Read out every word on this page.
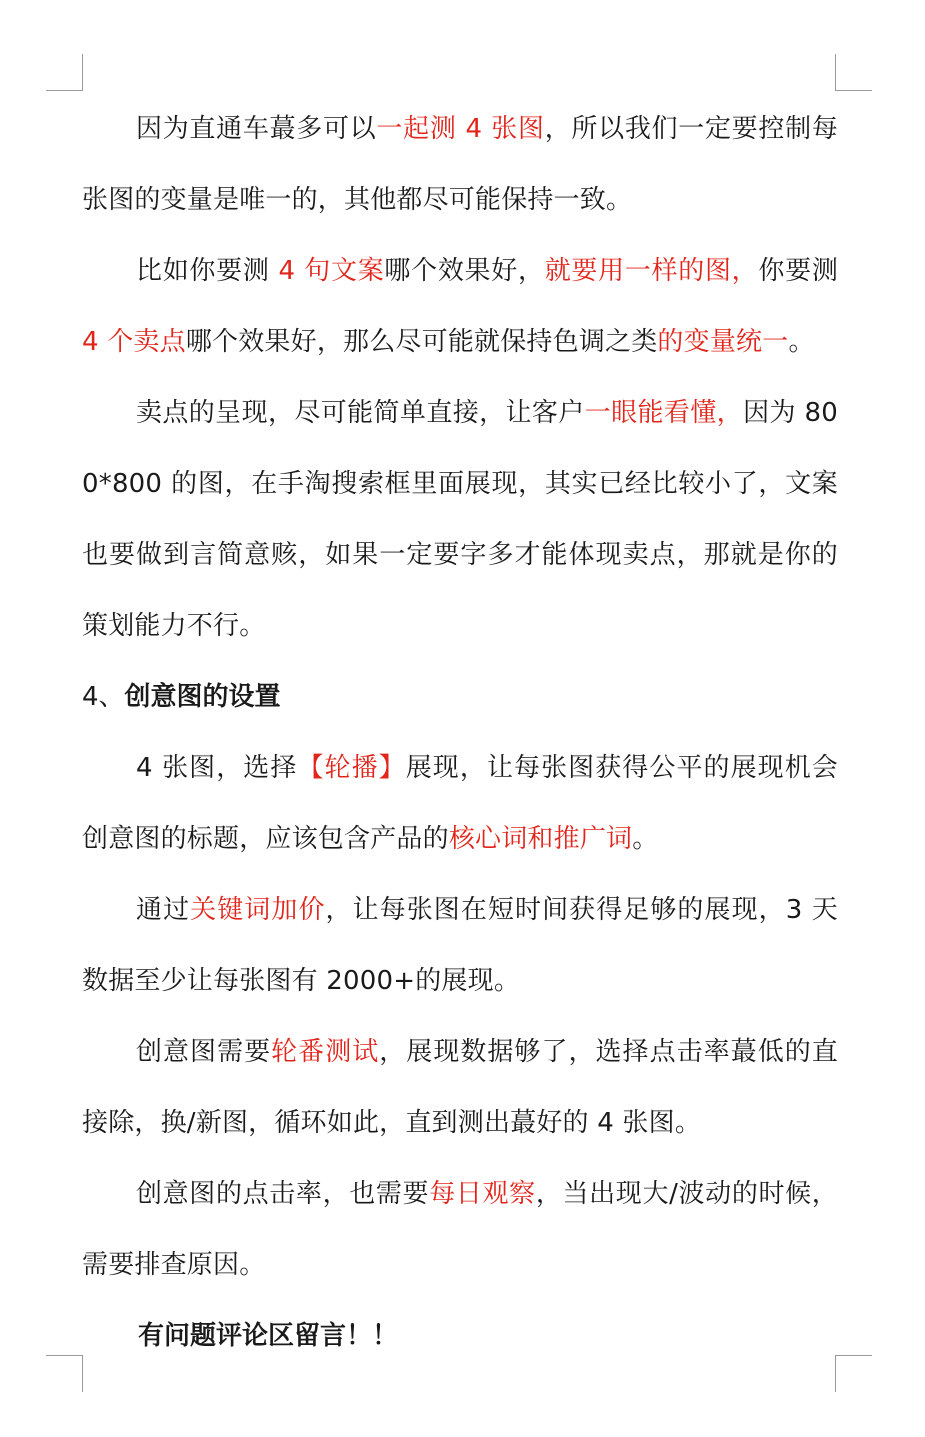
因为直通车蕞多可以一起测 4 张图，所以我们一定要控制每张图的变量是唯一的，其他都尽可能保持一致。

比如你要测 4 句文案哪个效果好，就要用一样的图，你要测 4 个卖点哪个效果好，那么尽可能就保持色调之类的变量统一。

卖点的呈现，尽可能简单直接，让客户一眼能看懂，因为 800*800 的图，在手淘搜索框里面展现，其实已经比较小了，文案也要做到言简意赅，如果一定要字多才能体现卖点，那就是你的策划能力不行。

4、创意图的设置

4 张图，选择【轮播】展现，让每张图获得公平的展现机会创意图的标题，应该包含产品的核心词和推广词。

通过关键词加价，让每张图在短时间获得足够的展现，3 天数据至少让每张图有 2000+的展现。

创意图需要轮番测试，展现数据够了，选择点击率蕞低的直接除，换/新图，循环如此，直到测出蕞好的 4 张图。

创意图的点击率，也需要每日观察，当出现大/波动的时候，需要排查原因。

有问题评论区留言！！
